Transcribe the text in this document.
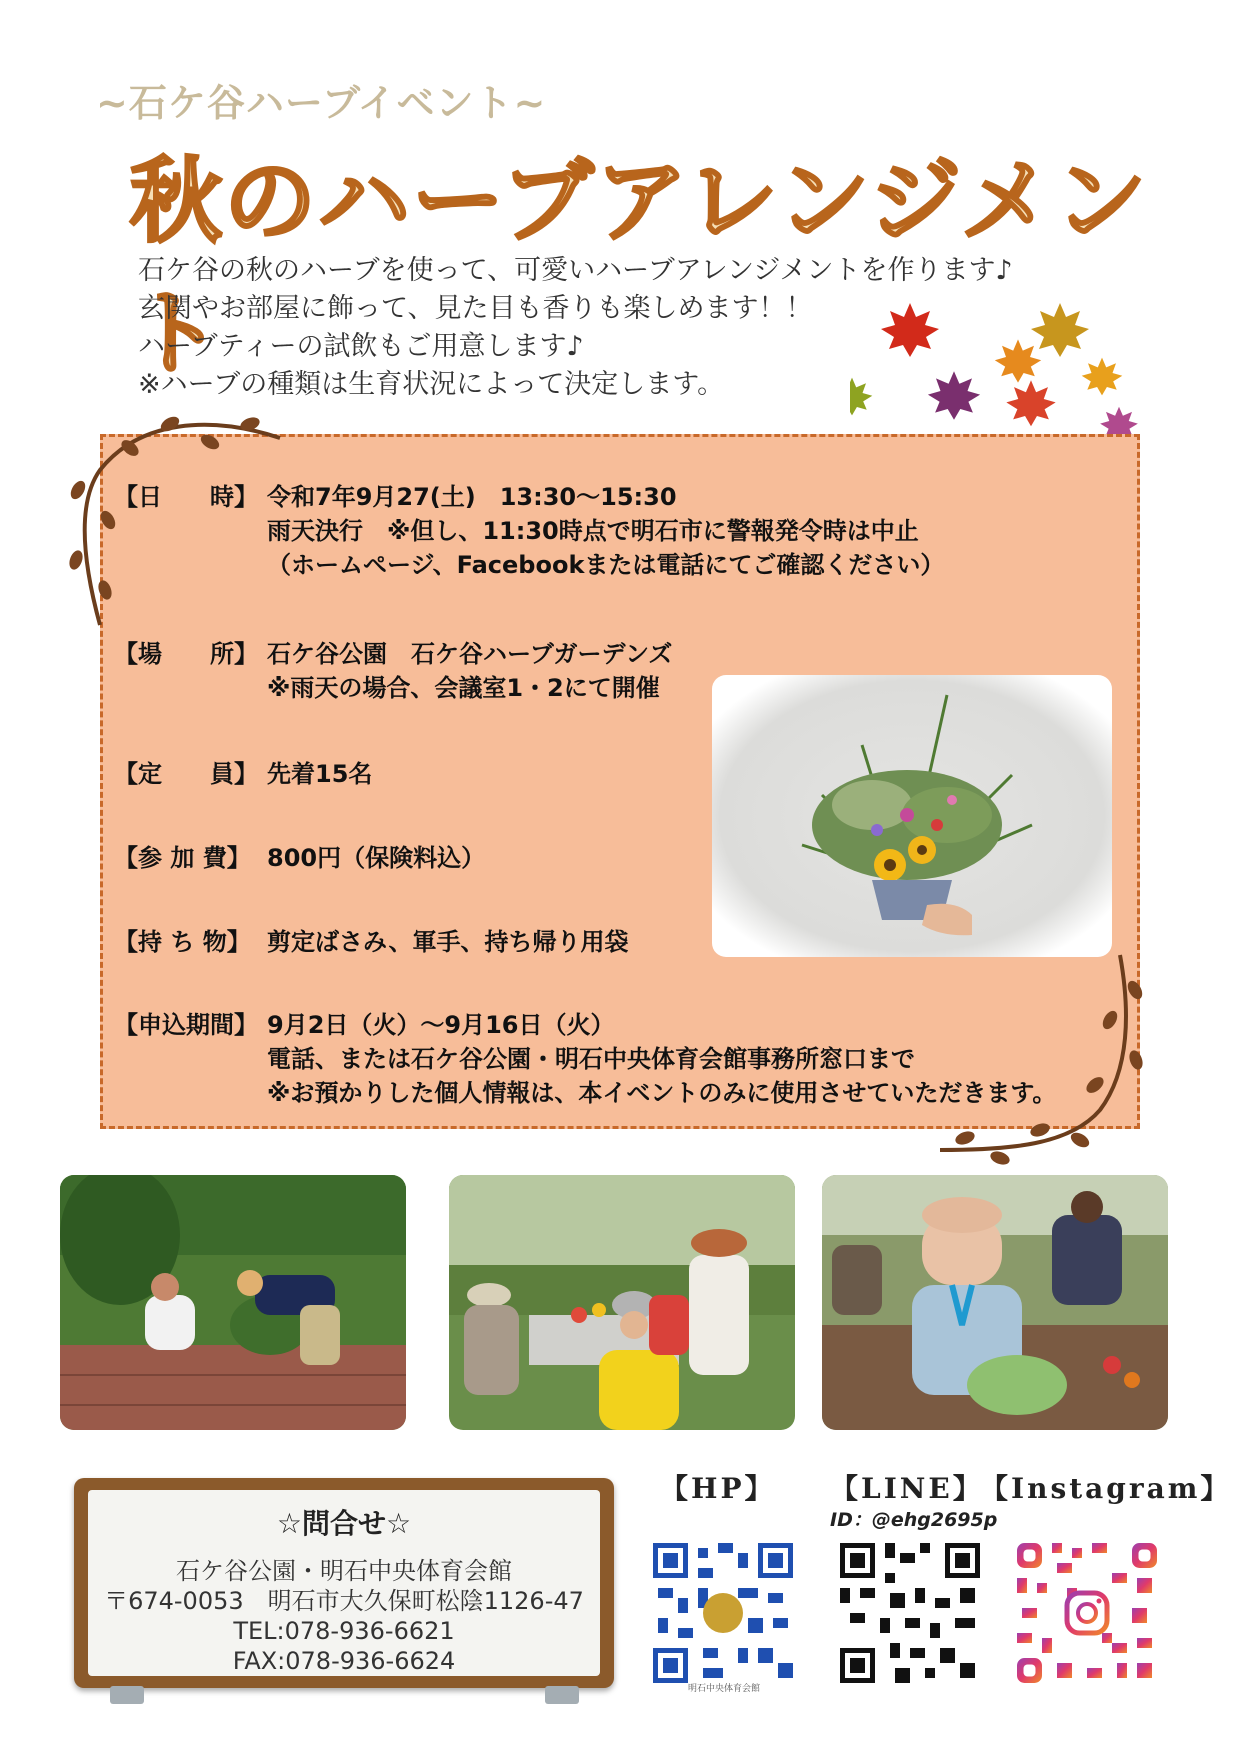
~石ケ谷ハーブイベント~
秋のハーブアレンジメント
石ケ谷の秋のハーブを使って、可愛いハーブアレンジメントを作ります♪
玄関やお部屋に飾って、見た目も香りも楽しめます！！
ハーブティーの試飲もご用意します♪
※ハーブの種類は生育状況によって決定します。
【日　　時】 令和7年9月27(土)　13:30～15:30
雨天決行　※但し、11:30時点で明石市に警報発令時は中止
（ホームページ、Facebookまたは電話にてご確認ください）
【場　　所】 石ケ谷公園　石ケ谷ハーブガーデンズ
※雨天の場合、会議室1・2にて開催
【定　　員】 先着15名
【参 加 費】 800円（保険料込）
【持 ち 物】 剪定ばさみ、軍手、持ち帰り用袋
【申込期間】 9月2日（火）～9月16日（火）
電話、または石ケ谷公園・明石中央体育会館事務所窓口まで
※お預かりした個人情報は、本イベントのみに使用させていただきます。
☆問合せ☆
石ケ谷公園・明石中央体育会館
〒674-0053　明石市大久保町松陰1126-47
TEL:078-936-6621
FAX:078-936-6624
【HP】 【LINE】
【Instagram】
ID：@ehg2695p
明石中央体育会館
